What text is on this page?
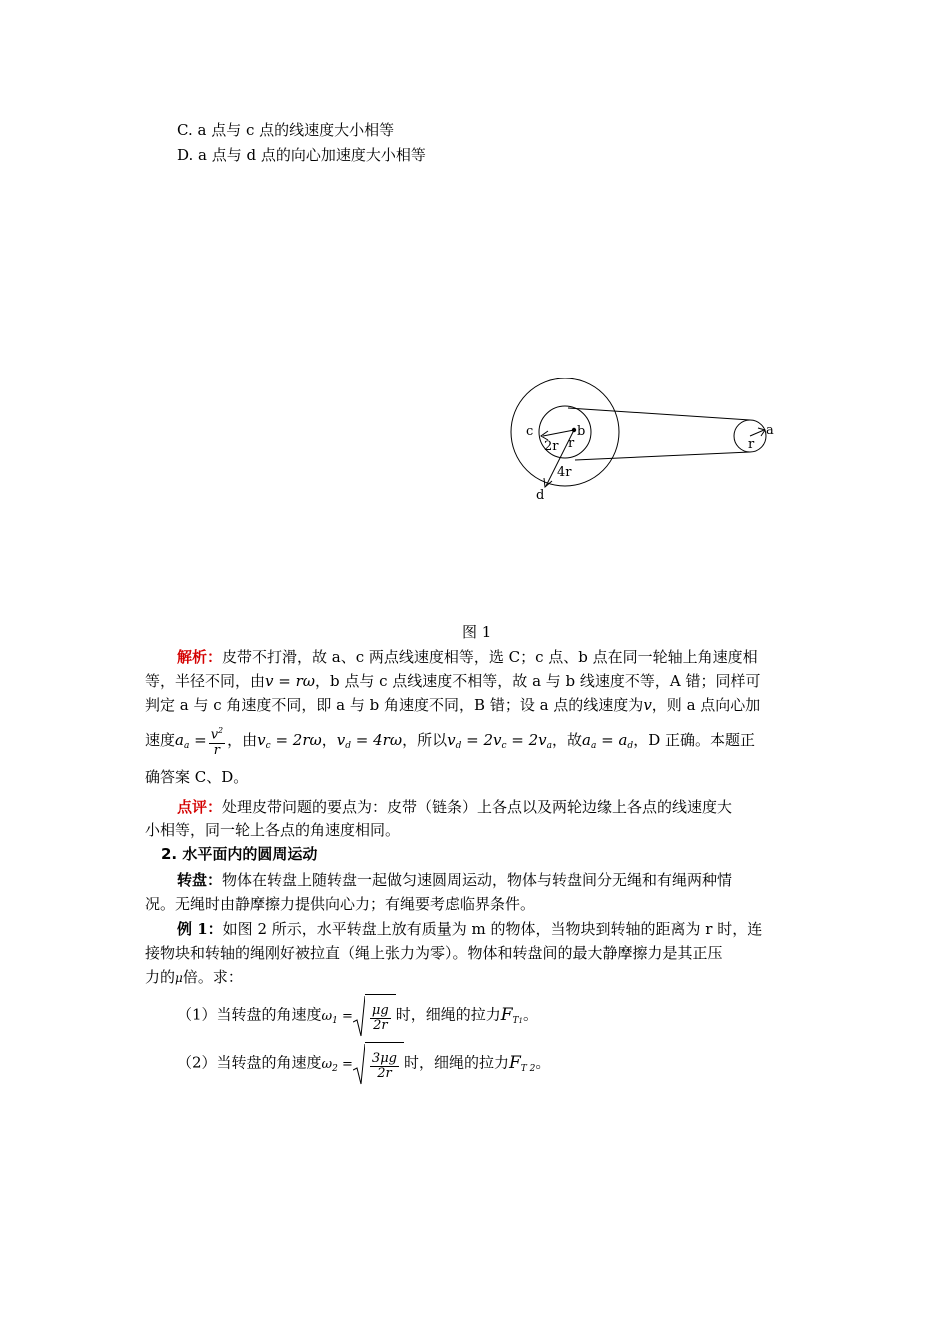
C. a 点与 c 点的线速度大小相等
D. a 点与 d 点的向心加速度大小相等
c	b
r
2r
4r
d
r
a
图 1
解析：皮带不打滑，故 a、c 两点线速度相等，选 C；c 点、b 点在同一轮轴上角速度相
等，半径不同，由v = rω，b 点与 c 点线速度不相等，故 a 与 b 线速度不等，A 错；同样可
判定 a 与 c 角速度不同，即 a 与 b 角速度不同，B 错；设 a 点的线速度为v，则 a 点向心加
速度$a_a = \frac{v^2}{r}$ ，由$v_c = 2r\omega$，$v_d = 4r\omega$，所以$v_d = 2v_c = 2v_a$，故$a_a = a_d$，D 正确。本题正
确答案 C、D。
点评：处理皮带问题的要点为：皮带（链条）上各点以及两轮边缘上各点的线速度大
小相等，同一轮上各点的角速度相同。
2. 水平面内的圆周运动
转盘：物体在转盘上随转盘一起做匀速圆周运动，物体与转盘间分无绳和有绳两种情
况。无绳时由静摩擦力提供向心力；有绳要考虑临界条件。
例 1：如图 2 所示，水平转盘上放有质量为 m 的物体，当物块到转轴的距离为 r 时，连
接物块和转轴的绳刚好被拉直（绳上张力为零）。物体和转盘间的最大静摩擦力是其正压
力的μ倍。求：
（1）当转盘的角速度$\omega_1 = \frac{\mu g}{2r}$ 时，细绳的拉力$F_{T1}$。
（2）当转盘的角速度$\omega_2 = \frac{3\mu g}{2r}$ 时，细绳的拉力$F_{T 2}$。
